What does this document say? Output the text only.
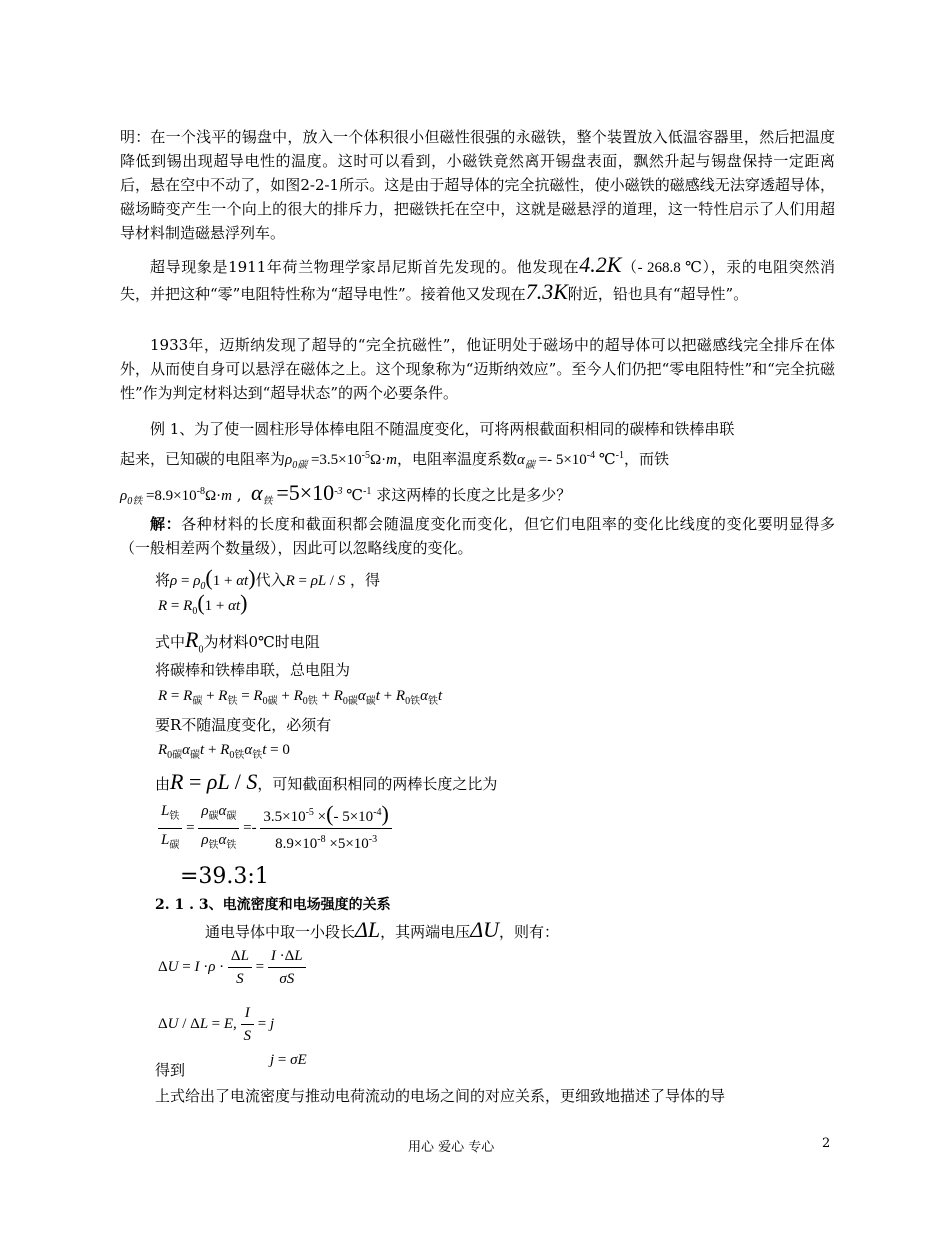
明：在一个浅平的锡盘中，放入一个体积很小但磁性很强的永磁铁，整个装置放入低温容器里，然后把温度降低到锡出现超导电性的温度。这时可以看到，小磁铁竟然离开锡盘表面，飘然升起与锡盘保持一定距离后，悬在空中不动了，如图2-2-1所示。这是由于超导体的完全抗磁性，使小磁铁的磁感线无法穿透超导体，磁场畸变产生一个向上的很大的排斥力，把磁铁托在空中，这就是磁悬浮的道理，这一特性启示了人们用超导材料制造磁悬浮列车。

超导现象是1911年荷兰物理学家昂尼斯首先发现的。他发现在4.2K（- 268.8 ℃），汞的电阻突然消失，并把这种“零”电阻特性称为“超导电性”。接着他又发现在7.3K附近，铅也具有“超导性”。

1933年，迈斯纳发现了超导的“完全抗磁性”，他证明处于磁场中的超导体可以把磁感线完全排斥在体外，从而使自身可以悬浮在磁体之上。这个现象称为“迈斯纳效应”。至今人们仍把“零电阻特性”和“完全抗磁性”作为判定材料达到“超导状态”的两个必要条件。

例 1、为了使一圆柱形导体棒电阻不随温度变化，可将两根截面积相同的碳棒和铁棒串联
起来，已知碳的电阻率为$\rho_{0碳} =3.5\times 10^{-5}\Omega\cdot m$，电阻率温度系数$\alpha_碳 =- 5\times 10^{-4}$ ℃$^{-1}$，而铁
$\rho_{0铁} =8.9\times 10^{-8}\Omega\cdot m$ ,  $\alpha_铁 =5\times 10^{-3}$ ℃$^{-1}$ 求这两棒的长度之比是多少？

解：各种材料的长度和截面积都会随温度变化而变化，但它们电阻率的变化比线度的变化要明显得多（一般相差两个数量级），因此可以忽略线度的变化。

将$\rho = \rho_0(1 + \alpha t)$代入R = ρL / S ，得
$R = R_0(1 + \alpha t)$
式中$R_0$为材料0℃时电阻
将碳棒和铁棒串联，总电阻为
$R = R_碳 + R_铁 = R_{0碳} + R_{0铁} + R_{0碳}\alpha_碳t + R_{0铁}\alpha_铁t$
要R不随温度变化，必须有
$R_{0碳}\alpha_碳t + R_{0铁}\alpha_铁t = 0$
由R = ρL / S，可知截面积相同的两棒长度之比为
$\frac{L_铁}{L_碳} = \frac{\rho_碳\alpha_碳}{\rho_铁\alpha_铁} =- \frac{3.5\times 10^{-5} \times(- 5\times 10^{-4})}{8.9\times 10^{-8} \times 5\times 10^{-3}}$
=39.3:1
2. 1 . 3、电流密度和电场强度的关系
通电导体中取一小段长ΔL，其两端电压ΔU，则有：
$\Delta U = I \cdot\rho \cdot \frac{\Delta L}{S} = \frac{I \cdot\Delta L}{\sigma S}$
ΔU / ΔL = E, $\frac{I}{S} = j$
得到
j = σE
上式给出了电流密度与推动电荷流动的电场之间的对应关系，更细致地描述了导体的导
用心 爱心 专心	2
